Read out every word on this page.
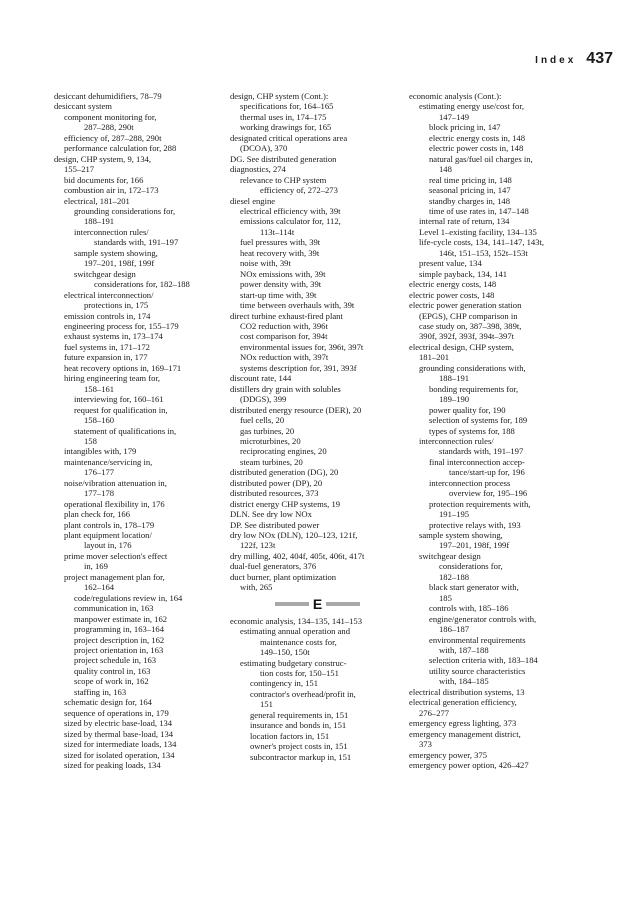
Index 437
desiccant dehumidifiers, 78–79
desiccant system
component monitoring for,
287–288, 290t
efficiency of, 287–288, 290t
performance calculation for, 288
design, CHP system, 9, 134,
155–217
bid documents for, 166
combustion air in, 172–173
electrical, 181–201
grounding considerations for,
188–191
interconnection rules/
standards with, 191–197
sample system showing,
197–201, 198f, 199f
switchgear design
considerations for, 182–188
electrical interconnection/
protections in, 175
emission controls in, 174
engineering process for, 155–179
exhaust systems in, 173–174
fuel systems in, 171–172
future expansion in, 177
heat recovery options in, 169–171
hiring engineering team for,
158–161
interviewing for, 160–161
request for qualification in,
158–160
statement of qualifications in,
158
intangibles with, 179
maintenance/servicing in,
176–177
noise/vibration attenuation in,
177–178
operational flexibility in, 176
plan check for, 166
plant controls in, 178–179
plant equipment location/
layout in, 176
prime mover selection's effect
in, 169
project management plan for,
162–164
code/regulations review in, 164
communication in, 163
manpower estimate in, 162
programming in, 163–164
project description in, 162
project orientation in, 163
project schedule in, 163
quality control in, 163
scope of work in, 162
staffing in, 163
schematic design for, 164
sequence of operations in, 179
sized by electric base-load, 134
sized by thermal base-load, 134
sized for intermediate loads, 134
sized for isolated operation, 134
sized for peaking loads, 134
design, CHP system (Cont.):
specifications for, 164–165
thermal uses in, 174–175
working drawings for, 165
designated critical operations area
(DCOA), 370
DG. See distributed generation
diagnostics, 274
relevance to CHP system
efficiency of, 272–273
diesel engine
electrical efficiency with, 39t
emissions calculator for, 112,
113t–114t
fuel pressures with, 39t
heat recovery with, 39t
noise with, 39t
NOx emissions with, 39t
power density with, 39t
start-up time with, 39t
time between overhauls with, 39t
direct turbine exhaust-fired plant
CO2 reduction with, 396t
cost comparison for, 394t
environmental issues for, 396t, 397t
NOx reduction with, 397t
systems description for, 391, 393f
discount rate, 144
distillers dry grain with solubles
(DDGS), 399
distributed energy resource (DER), 20
fuel cells, 20
gas turbines, 20
microturbines, 20
reciprocating engines, 20
steam turbines, 20
distributed generation (DG), 20
distributed power (DP), 20
distributed resources, 373
district energy CHP systems, 19
DLN. See dry low NOx
DP. See distributed power
dry low NOx (DLN), 120–123, 121f,
122f, 123t
dry milling, 402, 404f, 405t, 406t, 417t
dual-fuel generators, 376
duct burner, plant optimization
with, 265
E
economic analysis, 134–135, 141–153
estimating annual operation and
maintenance costs for,
149–150, 150t
estimating budgetary construc-
tion costs for, 150–151
contingency in, 151
contractor's overhead/profit in,
151
general requirements in, 151
insurance and bonds in, 151
location factors in, 151
owner's project costs in, 151
subcontractor markup in, 151
economic analysis (Cont.):
estimating energy use/cost for,
147–149
block pricing in, 147
electric energy costs in, 148
electric power costs in, 148
natural gas/fuel oil charges in,
148
real time pricing in, 148
seasonal pricing in, 147
standby charges in, 148
time of use rates in, 147–148
internal rate of return, 134
Level 1–existing facility, 134–135
life-cycle costs, 134, 141–147, 143t,
146t, 151–153, 152t–153t
present value, 134
simple payback, 134, 141
electric energy costs, 148
electric power costs, 148
electric power generation station
(EPGS), CHP comparison in
case study on, 387–398, 389t,
390f, 392f, 393f, 394t–397t
electrical design, CHP system,
181–201
grounding considerations with,
188–191
bonding requirements for,
189–190
power quality for, 190
selection of systems for, 189
types of systems for, 188
interconnection rules/
standards with, 191–197
final interconnection accep-
tance/start-up for, 196
interconnection process
overview for, 195–196
protection requirements with,
191–195
protective relays with, 193
sample system showing,
197–201, 198f, 199f
switchgear design
considerations for,
182–188
black start generator with,
185
controls with, 185–186
engine/generator controls with,
186–187
environmental requirements
with, 187–188
selection criteria with, 183–184
utility source characteristics
with, 184–185
electrical distribution systems, 13
electrical generation efficiency,
276–277
emergency egress lighting, 373
emergency management district,
373
emergency power, 375
emergency power option, 426–427
